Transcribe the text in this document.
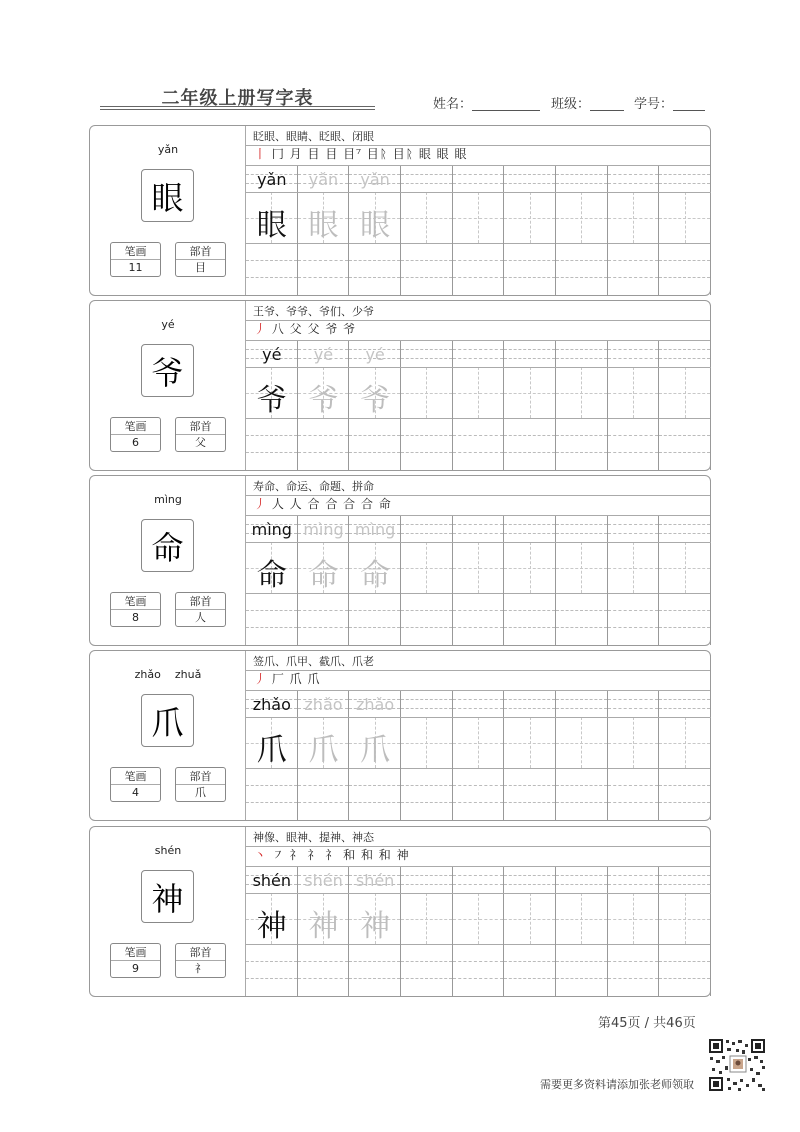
二年级上册写字表	姓名：	班级：	学号：
yǎn
眼
笔画
11
部首
目
眨眼、眼睛、眨眼、闭眼
丨 冂 月 目 目 目⁷ 目ᚱ 目ᚱ 眼 眼 眼
yǎn
眼
yǎn
眼
yǎn
眼
yé
爷
笔画
6
部首
父
王爷、爷爷、爷们、少爷
丿 八 父 父 爷 爷
yé
爷
yé
爷
yé
爷
mìng
命
笔画
8
部首
人
寿命、命运、命题、拼命
丿 人 人 合 合 合 合 命
mìng
命
mìng
命
mìng
命
zhǎo zhuǎ
爪
笔画
4
部首
爪
签爪、爪甲、截爪、爪老
丿 厂 爪 爪
zhǎo
爪
zhǎo
爪
zhǎo
爪
shén
神
笔画
9
部首
礻
神像、眼神、提神、神态
丶 ㇇ 礻 礻 礻 和 和 和 神
shén
神
shén
神
shén
神
第45页 / 共46页
需要更多资料请添加张老师领取
